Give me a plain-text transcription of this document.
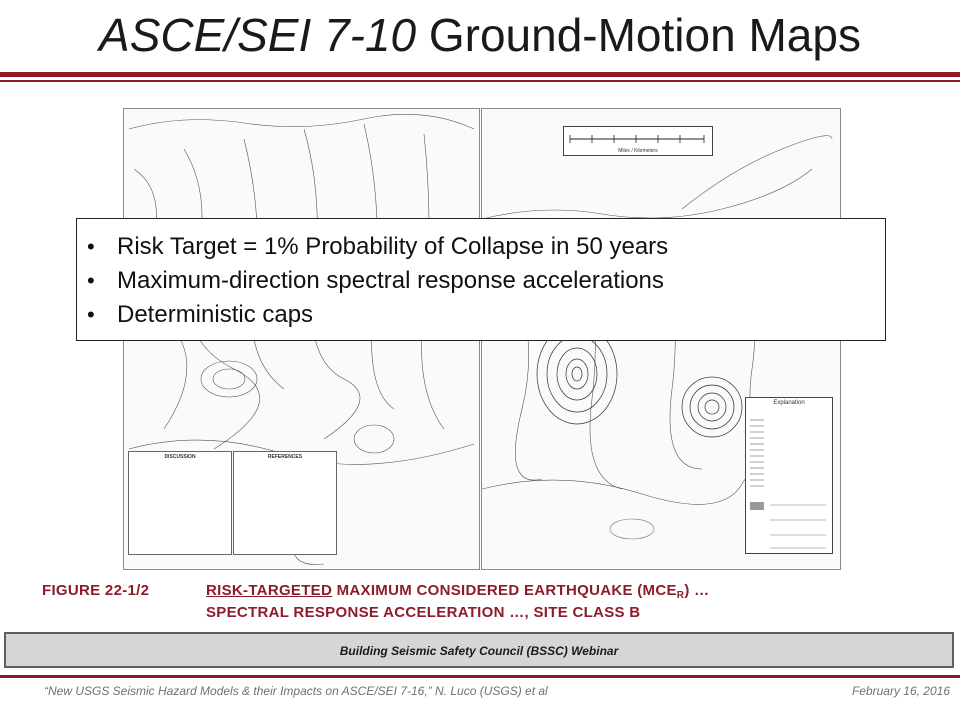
ASCE/SEI 7-10 Ground-Motion Maps
DISCUSSION	REFERENCES
Miles / Kilometers
Explanation
• Risk Target = 1% Probability of Collapse in 50 years
• Maximum-direction spectral response accelerations
• Deterministic caps
FIGURE 22-1/2	RISK-TARGETED MAXIMUM CONSIDERED EARTHQUAKE $(MCE_R)$ …
SPECTRAL RESPONSE ACCELERATION …, SITE CLASS B
Building Seismic Safety Council (BSSC) Webinar
“New USGS Seismic Hazard Models & their Impacts on ASCE/SEI 7-16,” N. Luco (USGS) et al	February 16, 2016
